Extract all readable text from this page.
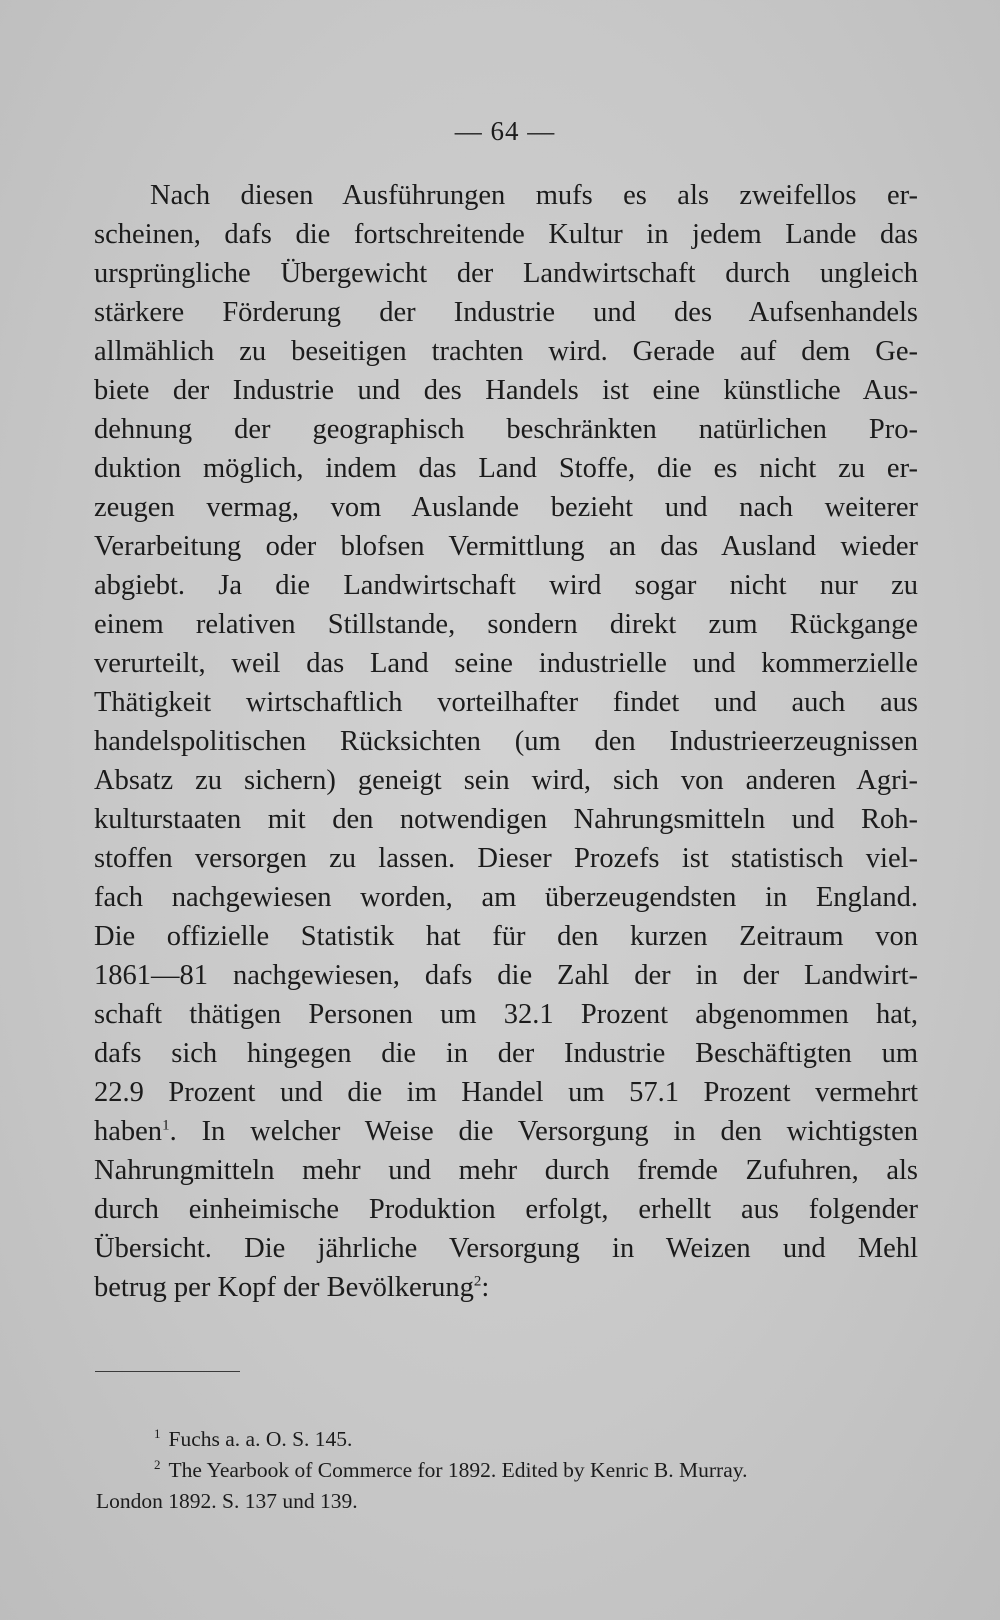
— 64 —
Nach diesen Ausführungen mufs es als zweifellos er-
scheinen, dafs die fortschreitende Kultur in jedem Lande das
ursprüngliche Übergewicht der Landwirtschaft durch ungleich
stärkere Förderung der Industrie und des Aufsenhandels
allmählich zu beseitigen trachten wird. Gerade auf dem Ge-
biete der Industrie und des Handels ist eine künstliche Aus-
dehnung der geographisch beschränkten natürlichen Pro-
duktion möglich, indem das Land Stoffe, die es nicht zu er-
zeugen vermag, vom Auslande bezieht und nach weiterer
Verarbeitung oder blofsen Vermittlung an das Ausland wieder
abgiebt. Ja die Landwirtschaft wird sogar nicht nur zu
einem relativen Stillstande, sondern direkt zum Rückgange
verurteilt, weil das Land seine industrielle und kommerzielle
Thätigkeit wirtschaftlich vorteilhafter findet und auch aus
handelspolitischen Rücksichten (um den Industrieerzeugnissen
Absatz zu sichern) geneigt sein wird, sich von anderen Agri-
kulturstaaten mit den notwendigen Nahrungsmitteln und Roh-
stoffen versorgen zu lassen. Dieser Prozefs ist statistisch viel-
fach nachgewiesen worden, am überzeugendsten in England.
Die offizielle Statistik hat für den kurzen Zeitraum von
1861—81 nachgewiesen, dafs die Zahl der in der Landwirt-
schaft thätigen Personen um 32.1 Prozent abgenommen hat,
dafs sich hingegen die in der Industrie Beschäftigten um
22.9 Prozent und die im Handel um 57.1 Prozent vermehrt
haben$^1$. In welcher Weise die Versorgung in den wichtigsten
Nahrungmitteln mehr und mehr durch fremde Zufuhren, als
durch einheimische Produktion erfolgt, erhellt aus folgender
Übersicht. Die jährliche Versorgung in Weizen und Mehl
betrug per Kopf der Bevölkerung$^2$:
$^1$ Fuchs a. a. O. S. 145.
$^2$ The Yearbook of Commerce for 1892. Edited by Kenric B. Murray.
London 1892. S. 137 und 139.
